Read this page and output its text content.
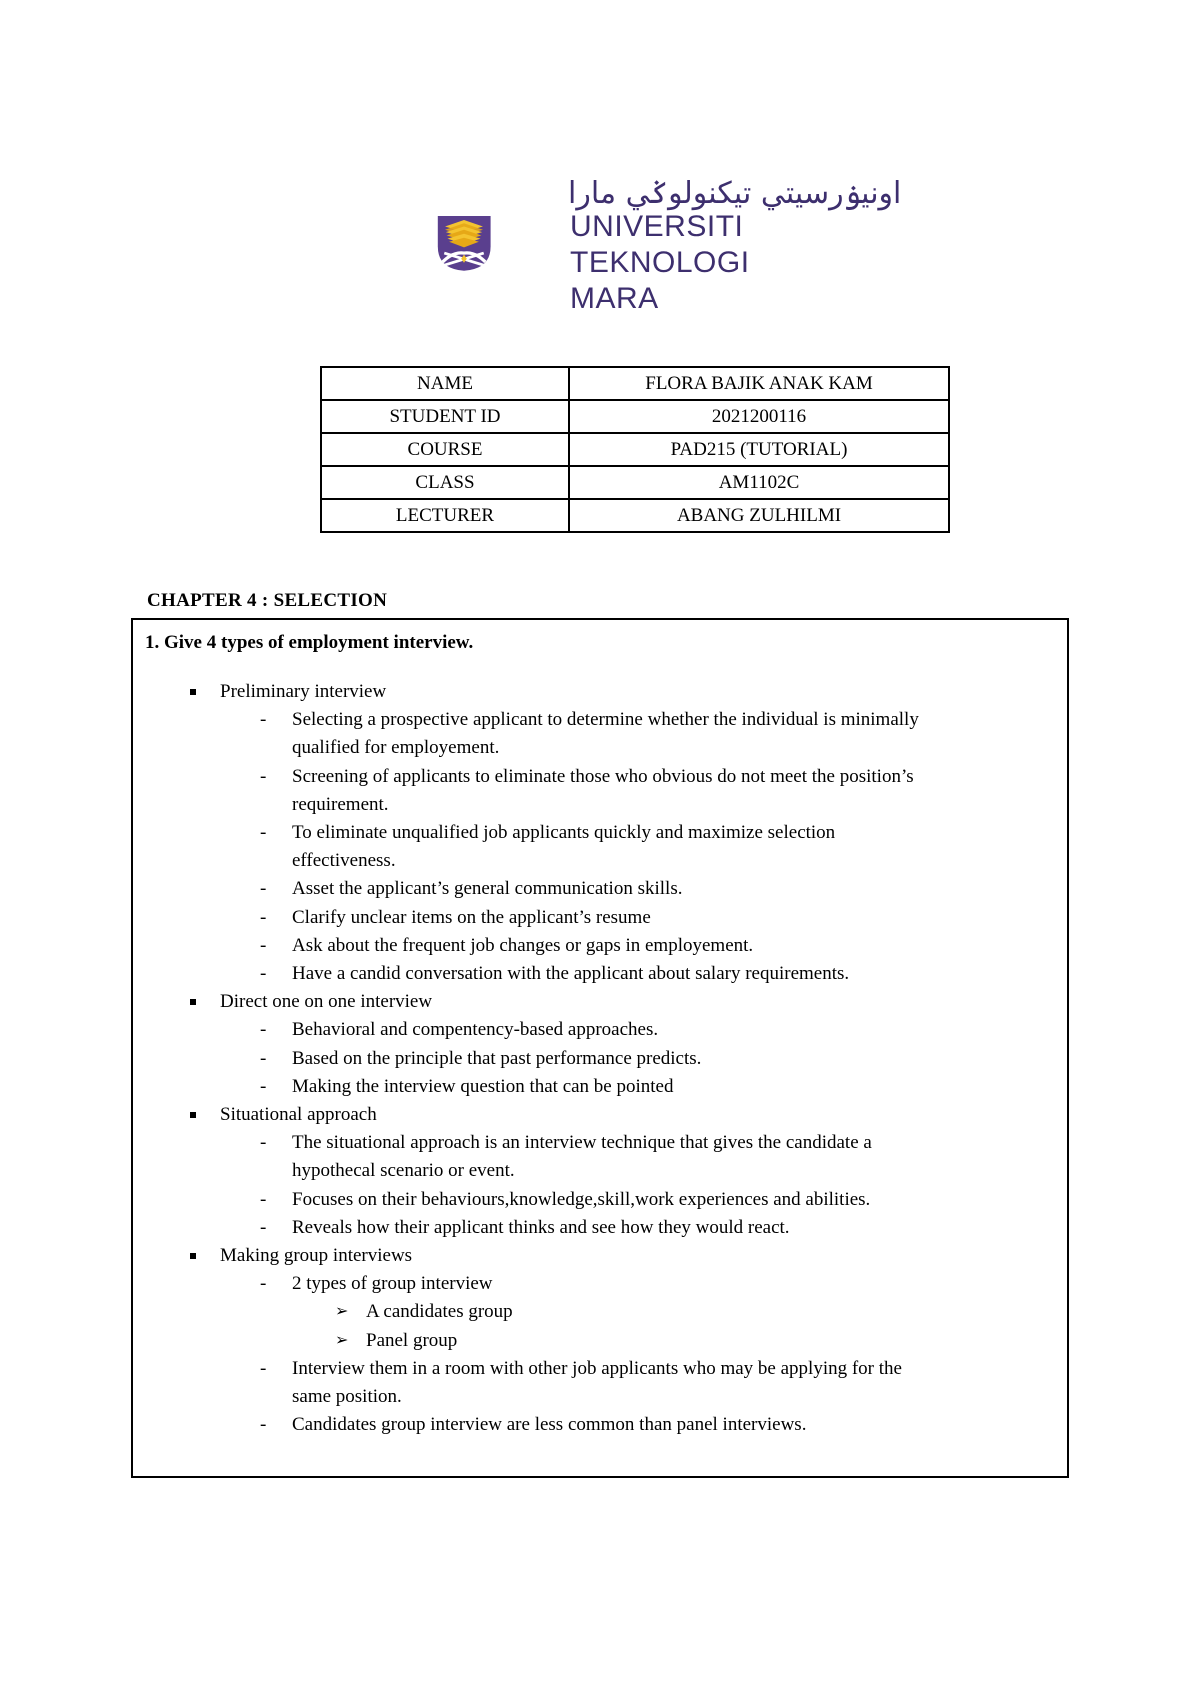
اونيۏرسيتي تيكنولوݢي مارا
UNIVERSITI
TEKNOLOGI
MARA
NAME	FLORA BAJIK ANAK KAM
STUDENT ID	2021200116
COURSE	PAD215 (TUTORIAL)
CLASS	AM1102C
LECTURER	ABANG ZULHILMI
CHAPTER 4 : SELECTION
1. Give 4 types of employment interview.
Preliminary interview
- Selecting a prospective applicant to determine whether the individual is minimally
qualified for employement.
- Screening of applicants to eliminate those who obvious do not meet the position’s
requirement.
- To eliminate unqualified job applicants quickly and maximize selection
effectiveness.
- Asset the applicant’s general communication skills.
- Clarify unclear items on the applicant’s resume
- Ask about the frequent job changes or gaps in employement.
- Have a candid conversation with the applicant about salary requirements.
Direct one on one interview
- Behavioral and compentency-based approaches.
- Based on the principle that past performance predicts.
- Making the interview question that can be pointed
Situational approach
- The situational approach is an interview technique that gives the candidate a
hypothecal scenario or event.
- Focuses on their behaviours,knowledge,skill,work experiences and abilities.
- Reveals how their applicant thinks and see how they would react.
Making group interviews
- 2 types of group interview
➢ A candidates group
➢ Panel group
- Interview them in a room with other job applicants who may be applying for the
same position.
- Candidates group interview are less common than panel interviews.
